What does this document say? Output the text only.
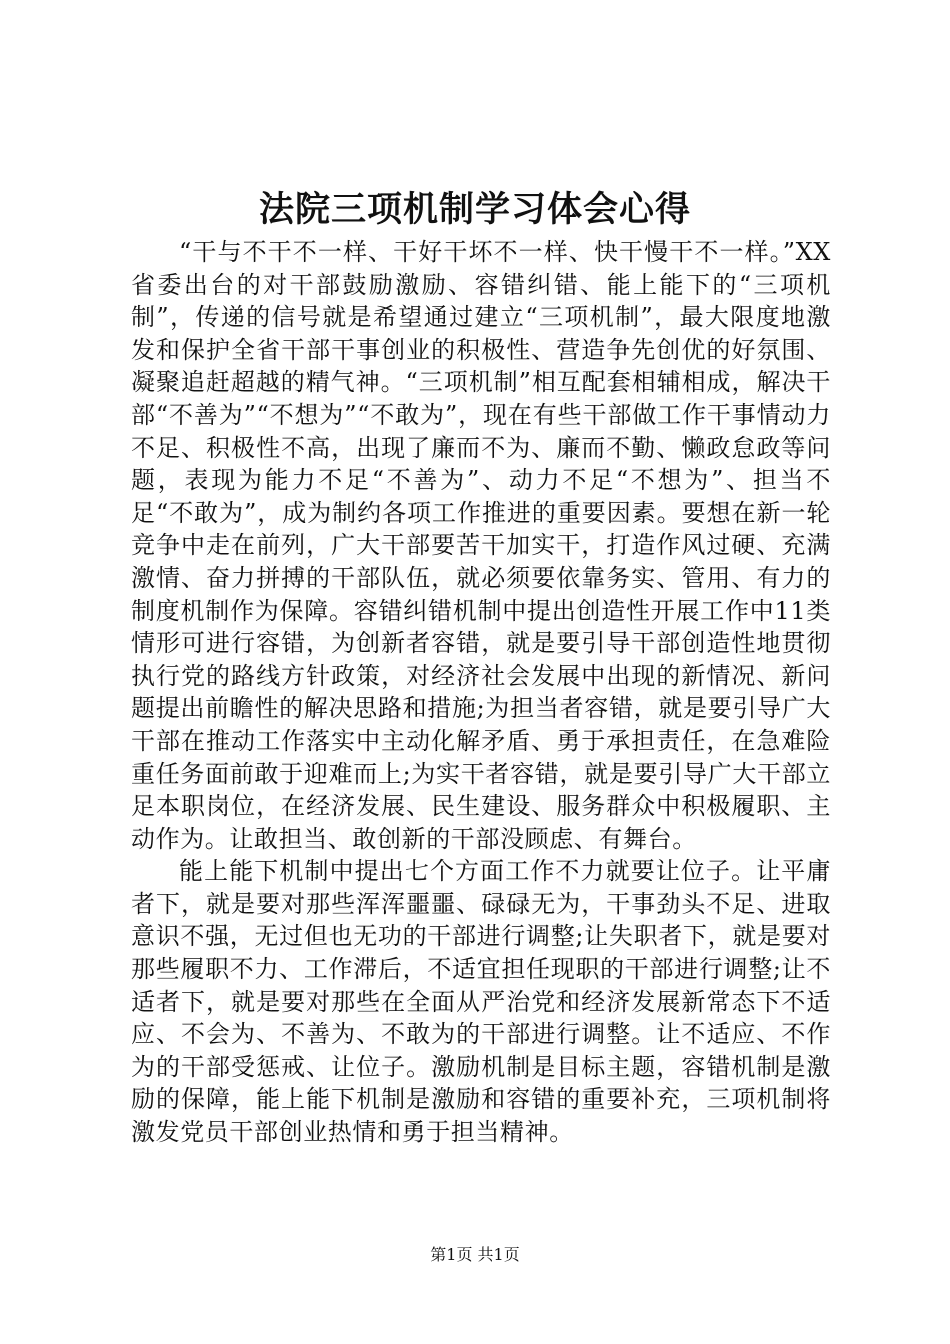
法院三项机制学习体会心得

“干与不干不一样、干好干坏不一样、快干慢干不一样。”XX省委出台的对干部鼓励激励、容错纠错、能上能下的“三项机制”，传递的信号就是希望通过建立“三项机制”，最大限度地激发和保护全省干部干事创业的积极性、营造争先创优的好氛围、凝聚追赶超越的精气神。“三项机制”相互配套相辅相成，解决干部“不善为”“不想为”“不敢为”，现在有些干部做工作干事情动力不足、积极性不高，出现了廉而不为、廉而不勤、懒政怠政等问题，表现为能力不足“不善为”、动力不足“不想为”、担当不足“不敢为”，成为制约各项工作推进的重要因素。要想在新一轮竞争中走在前列，广大干部要苦干加实干，打造作风过硬、充满激情、奋力拼搏的干部队伍，就必须要依靠务实、管用、有力的制度机制作为保障。容错纠错机制中提出创造性开展工作中11类情形可进行容错，为创新者容错，就是要引导干部创造性地贯彻执行党的路线方针政策，对经济社会发展中出现的新情况、新问题提出前瞻性的解决思路和措施;为担当者容错，就是要引导广大干部在推动工作落实中主动化解矛盾、勇于承担责任，在急难险重任务面前敢于迎难而上;为实干者容错，就是要引导广大干部立足本职岗位，在经济发展、民生建设、服务群众中积极履职、主动作为。让敢担当、敢创新的干部没顾虑、有舞台。

能上能下机制中提出七个方面工作不力就要让位子。让平庸者下，就是要对那些浑浑噩噩、碌碌无为，干事劲头不足、进取意识不强，无过但也无功的干部进行调整;让失职者下，就是要对那些履职不力、工作滞后，不适宜担任现职的干部进行调整;让不适者下，就是要对那些在全面从严治党和经济发展新常态下不适应、不会为、不善为、不敢为的干部进行调整。让不适应、不作为的干部受惩戒、让位子。激励机制是目标主题，容错机制是激励的保障，能上能下机制是激励和容错的重要补充，三项机制将激发党员干部创业热情和勇于担当精神。

第1页 共1页
